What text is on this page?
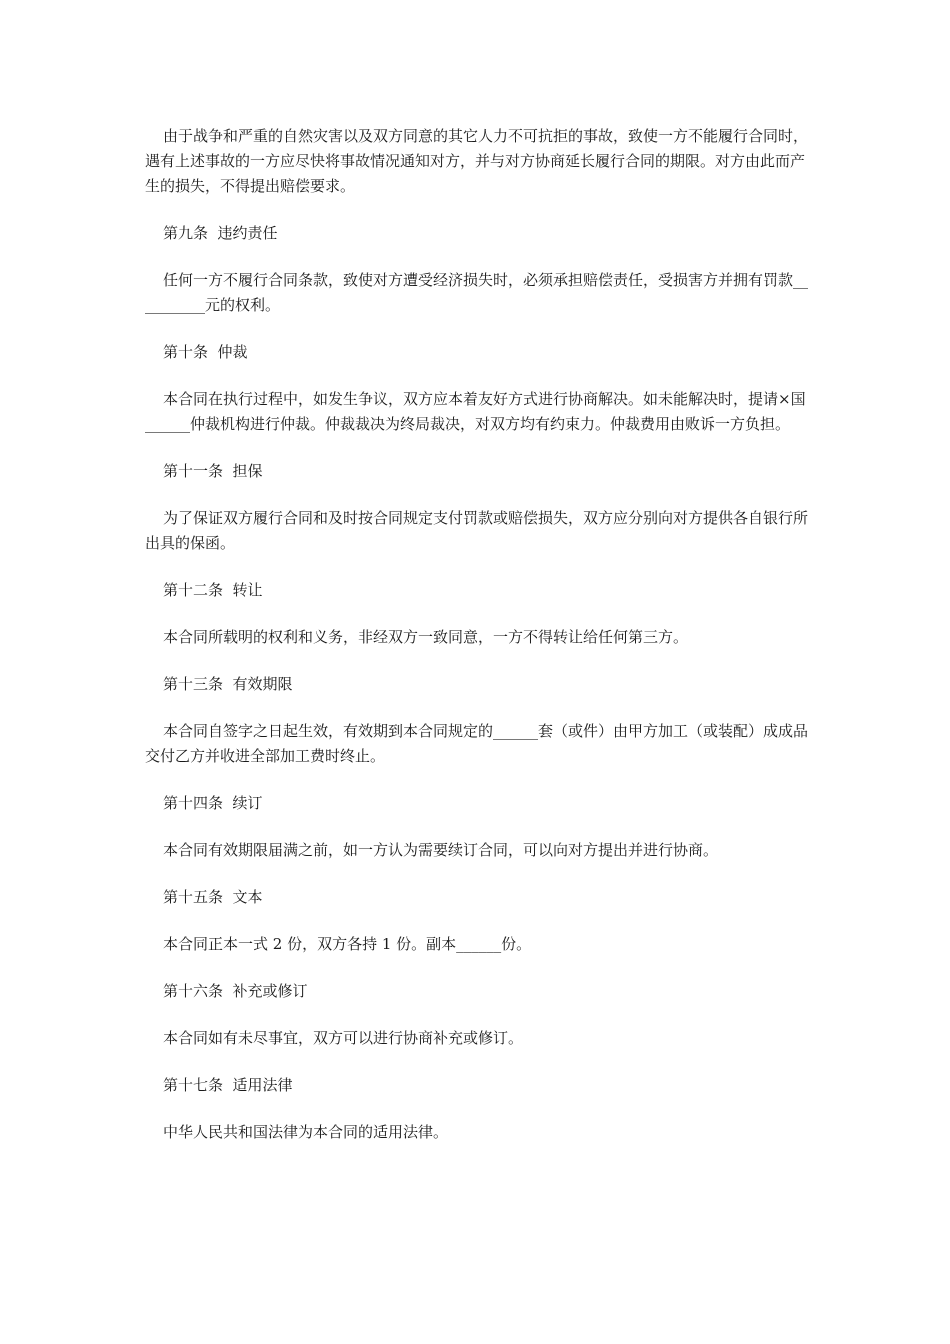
由于战争和严重的自然灾害以及双方同意的其它人力不可抗拒的事故，致使一方不能履行合同时，遇有上述事故的一方应尽快将事故情况通知对方，并与对方协商延长履行合同的期限。对方由此而产生的损失，不得提出赔偿要求。

第九条  违约责任

任何一方不履行合同条款，致使对方遭受经济损失时，必须承担赔偿责任，受损害方并拥有罚款__________元的权利。

第十条  仲裁

本合同在执行过程中，如发生争议，双方应本着友好方式进行协商解决。如未能解决时，提请×国______仲裁机构进行仲裁。仲裁裁决为终局裁决，对双方均有约束力。仲裁费用由败诉一方负担。

第十一条  担保

为了保证双方履行合同和及时按合同规定支付罚款或赔偿损失，双方应分别向对方提供各自银行所出具的保函。

第十二条  转让

本合同所载明的权利和义务，非经双方一致同意，一方不得转让给任何第三方。

第十三条  有效期限

本合同自签字之日起生效，有效期到本合同规定的______套（或件）由甲方加工（或装配）成成品交付乙方并收进全部加工费时终止。

第十四条  续订

本合同有效期限届满之前，如一方认为需要续订合同，可以向对方提出并进行协商。

第十五条  文本

本合同正本一式 2 份，双方各持 1 份。副本______份。

第十六条  补充或修订

本合同如有未尽事宜，双方可以进行协商补充或修订。

第十七条  适用法律

中华人民共和国法律为本合同的适用法律。
